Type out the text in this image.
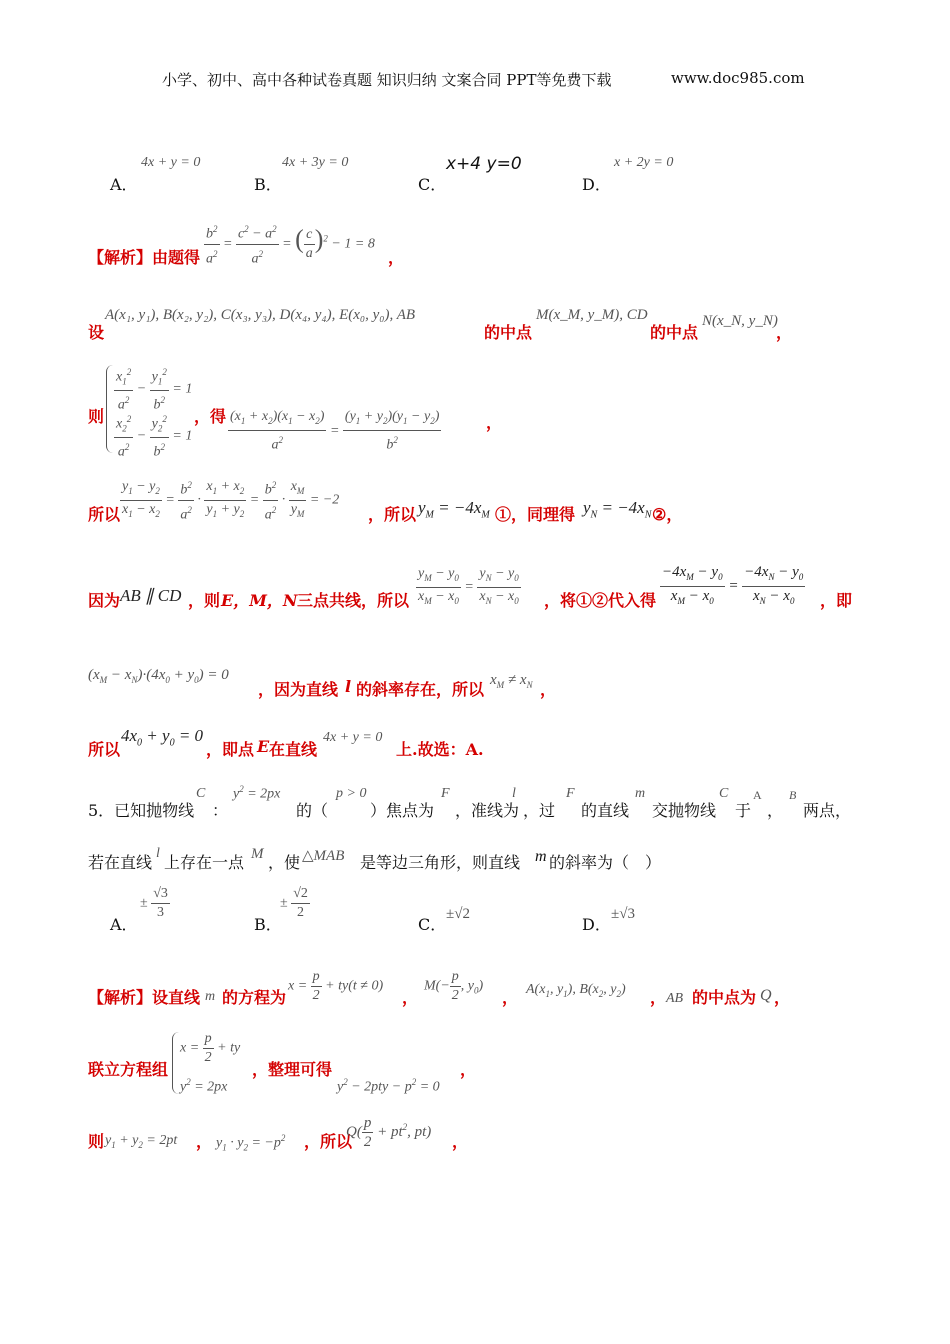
小学、初中、高中各种试卷真题 知识归纳 文案合同 PPT等免费下载	www.doc985.com
A．
4x + y = 0
B．
4x + 3y = 0
C．
x+4 y=0
D．
x + 2y = 0
【解析】由题得 $\frac{b^2}{a^2} = \frac{c^2 - a^2}{a^2}$ = ( $\frac{c}{a} )^2 - 1 = 8$
，
设
A(x₁, y₁), B(x₂, y₂), C(x₃, y₃), D(x₄, y₄), E(x₀, y₀), AB
的中点
M(x_M, y_M), CD
的中点
N(x_N, y_N)
，
则
$\frac{x_1^2}{a^2} - \frac{y_1^2}{b^2} = 1$
$\frac{x_2^2}{a^2} - \frac{y_2^2}{b^2} = 1$
，得 $\frac{(x_1 + x_2)(x_1 - x_2)}{a^2} = \frac{(y_1 + y_2)(y_1 - y_2)}{b^2}$	，
所以 $\frac{y_1 - y_2}{x_1 - x_2} = \frac{b^2}{a^2} \cdot \frac{x_1 + x_2}{y_1 + y_2} = \frac{b^2}{a^2} \cdot \frac{x_M}{y_M} = -2$
，所以 $y_M = -4x_M$ ①，同理得 $y_N = -4x_N$ ②，
因为 AB ∥ CD ，则 E，M，N 三点共线，所以 $\frac{y_M - y_0}{x_M - x_0} = \frac{y_N - y_0}{x_N - x_0}$ ，将①②代入得 $\frac{-4x_M - y_0}{x_M - x_0} = \frac{-4x_N - y_0}{x_N - x_0}$ ，即
$(x_M - x_N)\cdot(4x_0 + y_0) = 0$
，因为直线 l 的斜率存在，所以 $x_M \ne x_N$ ，
所以
$4x_0 + y_0 = 0$
，即点 E 在直线
4x + y = 0
上.故选：A.
5．已知抛物线
C
：
$y^2 = 2px$
的（
p > 0
）焦点为
F
，准线为
l
，过
F
的直线
m
交抛物线
C
于
A
，
B
两点，
若在直线 l 上存在一点 M ，使 △MAB 是等边三角形，则直线 m 的斜率为（　）
A．
± $\frac{√3}{3}$
B．
± $\frac{√2}{2}$
C．
±√2
D．
±√3
【解析】设直线 m 的方程为
$x = \frac{p}{2} + ty(t \ne 0)$
，
$M(- \frac{p}{2}$ , $y_0$)
， $A(x_1$, $y_1$), $B(x_2$, $y_2$) ， AB 的中点为 Q ，
联立方程组
$x = \frac{p}{2}$ + ty
$y^2 = 2px$
，整理可得
$y^2 - 2pty - p^2 = 0$
，
则 $y_1 + y_2 = 2pt$ ， $y_1 \cdot y_2 = -p^2$ ，所以
$Q( \frac{p}{2} + pt^2$, pt)
，
